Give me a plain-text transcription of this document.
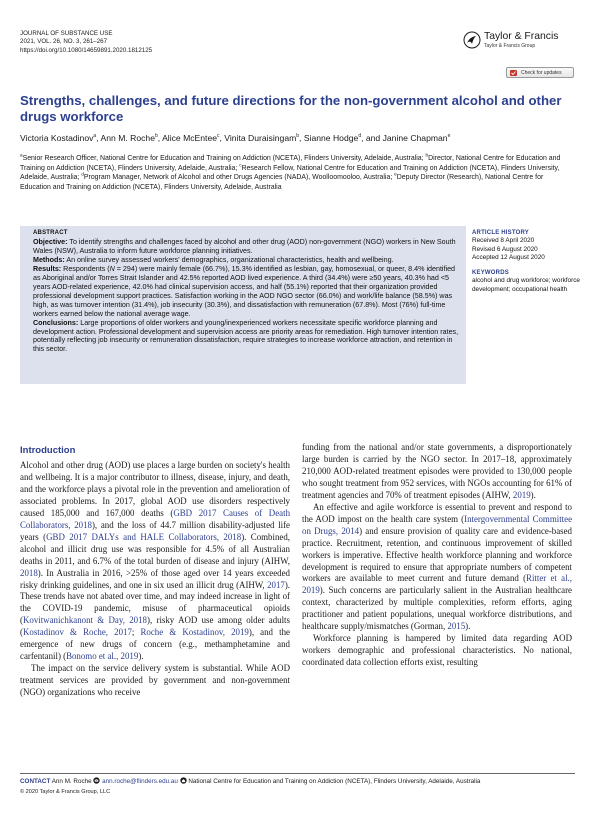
JOURNAL OF SUBSTANCE USE
2021, VOL. 26, NO. 3, 261–267
https://doi.org/10.1080/14659891.2020.1812125
Taylor & Francis
Taylor & Francis Group
Check for updates
Strengths, challenges, and future directions for the non-government alcohol and other drugs workforce
Victoria Kostadinov$^a$, Ann M. Roche$^b$, Alice McEntee$^c$, Vinita Duraisingam$^b$, Sianne Hodge$^d$, and Janine Chapman$^e$
$^a$Senior Research Officer, National Centre for Education and Training on Addiction (NCETA), Flinders University, Adelaide, Australia; $^b$Director, National Centre for Education and Training on Addiction (NCETA), Flinders University, Adelaide, Australia; $^c$Research Fellow, National Centre for Education and Training on Addiction (NCETA), Flinders University, Adelaide, Australia; $^d$Program Manager, Network of Alcohol and other Drugs Agencies (NADA), Woolloomooloo, Australia; $^e$Deputy Director (Research), National Centre for Education and Training on Addiction (NCETA), Flinders University, Adelaide, Australia
ABSTRACT
Objective: To identify strengths and challenges faced by alcohol and other drug (AOD) non-government (NGO) workers in New South Wales (NSW), Australia to inform future workforce planning initiatives.
Methods: An online survey assessed workers' demographics, organizational characteristics, health and wellbeing.
Results: Respondents (N = 294) were mainly female (66.7%), 15.3% identified as lesbian, gay, homosexual, or queer, 8.4% identified as Aboriginal and/or Torres Strait Islander and 42.5% reported AOD lived experience. A third (34.4%) were ≥50 years, 40.3% had <5 years AOD-related experience, 42.0% had clinical supervision access, and half (55.1%) reported that their organization provided professional development support practices. Satisfaction working in the AOD NGO sector (66.0%) and work/life balance (58.5%) was high, as was turnover intention (31.4%), job insecurity (30.3%), and dissatisfaction with remuneration (67.8%). Most (76%) full-time workers earned below the national average wage.
Conclusions: Large proportions of older workers and young/inexperienced workers necessitate specific workforce planning and development action. Professional development and supervision access are priority areas for remediation. High turnover intention rates, potentially reflecting job insecurity or remuneration dissatisfaction, require strategies to increase workforce attraction, and retention in this sector.
ARTICLE HISTORY
Received 8 April 2020
Revised 6 August 2020
Accepted 12 August 2020
KEYWORDS
alcohol and drug workforce; workforce development; occupational health
Introduction

Alcohol and other drug (AOD) use places a large burden on society's health and wellbeing. It is a major contributor to illness, disease, injury, and death, and the workforce plays a pivotal role in the prevention and amelioration of associated problems. In 2017, global AOD use disorders respectively caused 185,000 and 167,000 deaths (GBD 2017 Causes of Death Collaborators, 2018), and the loss of 44.7 million disability-adjusted life years (GBD 2017 DALYs and HALE Collaborators, 2018). Combined, alcohol and illicit drug use was responsible for 4.5% of all Australian deaths in 2011, and 6.7% of the total burden of disease and injury (AIHW, 2018). In Australia in 2016, >25% of those aged over 14 years exceeded risky drinking guidelines, and one in six used an illicit drug (AIHW, 2017). These trends have not abated over time, and may indeed increase in light of the COVID-19 pandemic, misuse of pharmaceutical opioids (Kovitwanichkanont & Day, 2018), risky AOD use among older adults (Kostadinov & Roche, 2017; Roche & Kostadinov, 2019), and the emergence of new drugs of concern (e.g., methamphetamine and carfentanil) (Bonomo et al., 2019).

The impact on the service delivery system is substantial. While AOD treatment services are provided by government and non-government (NGO) organizations who receive

funding from the national and/or state governments, a disproportionately large burden is carried by the NGO sector. In 2017–18, approximately 210,000 AOD-related treatment episodes were provided to 130,000 people who sought treatment from 952 services, with NGOs accounting for 61% of treatment agencies and 70% of treatment episodes (AIHW, 2019).

An effective and agile workforce is essential to prevent and respond to the AOD impost on the health care system (Intergovernmental Committee on Drugs, 2014) and ensure provision of quality care and evidence-based practice. Recruitment, retention, and continuous improvement of skilled workers is imperative. Effective health workforce planning and workforce development is required to ensure that appropriate numbers of competent workers are available to meet current and future demand (Ritter et al., 2019). Such concerns are particularly salient in the Australian healthcare context, characterized by multiple complexities, reform efforts, aging practitioner and patient populations, unequal workforce distributions, and healthcare supply/mismatches (Gorman, 2015).

Workforce planning is hampered by limited data regarding AOD workers demographic and professional characteristics. No national, coordinated data collection efforts exist, resulting

CONTACT Ann M. Roche ann.roche@flinders.edu.au National Centre for Education and Training on Addiction (NCETA), Flinders University, Adelaide, Australia
© 2020 Taylor & Francis Group, LLC
